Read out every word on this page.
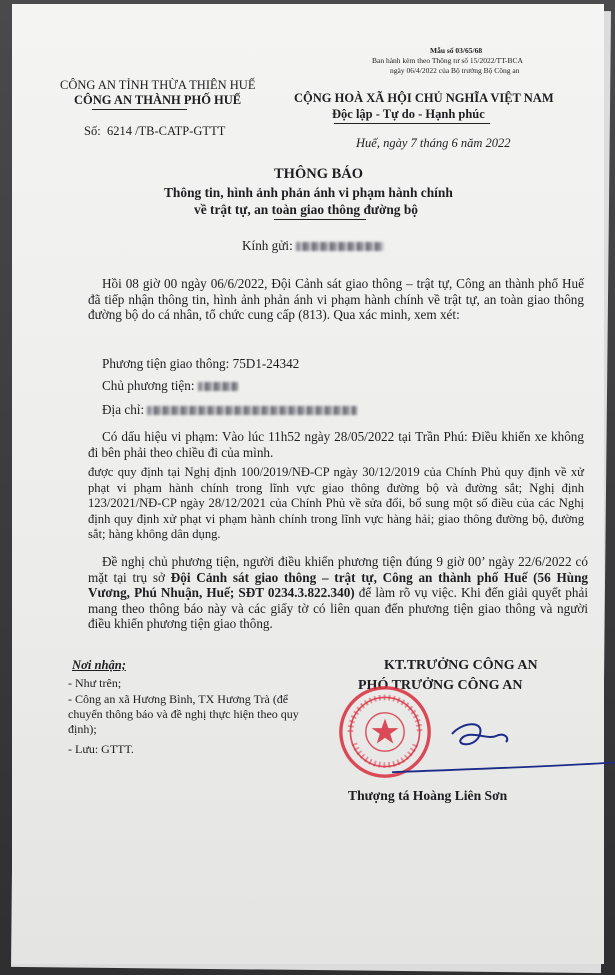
Mẫu số 03/65/68
Ban hành kèm theo Thông tư số 15/2022/TT-BCA
ngày 06/4/2022 của Bộ trưởng Bộ Công an
CÔNG AN TỈNH THỪA THIÊN HUẾ
CÔNG AN THÀNH PHỐ HUẾ	CỘNG HOÀ XÃ HỘI CHỦ NGHĨA VIỆT NAM
Độc lập - Tự do - Hạnh phúc
Số: 6214 /TB-CATP-GTTT
Huế, ngày 7 tháng 6 năm 2022
THÔNG BÁO
Thông tin, hình ảnh phản ánh vi phạm hành chính
về trật tự, an toàn giao thông đường bộ
Kính gửi:
Hồi 08 giờ 00 ngày 06/6/2022, Đội Cảnh sát giao thông – trật tự, Công an thành phố Huế đã tiếp nhận thông tin, hình ảnh phản ánh vi phạm hành chính về trật tự, an toàn giao thông đường bộ do cá nhân, tổ chức cung cấp (813). Qua xác minh, xem xét:
Phương tiện giao thông: 75D1-24342
Chủ phương tiện:
Địa chỉ:
Có dấu hiệu vi phạm: Vào lúc 11h52 ngày 28/05/2022 tại Trần Phú: Điều khiển xe không đi bên phải theo chiều đi của mình.
được quy định tại Nghị định 100/2019/NĐ-CP ngày 30/12/2019 của Chính Phủ quy định về xử phạt vi phạm hành chính trong lĩnh vực giao thông đường bộ và đường sắt; Nghị định 123/2021/NĐ-CP ngày 28/12/2021 của Chính Phủ về sửa đổi, bổ sung một số điều của các Nghị định quy định xử phạt vi phạm hành chính trong lĩnh vực hàng hải; giao thông đường bộ, đường sắt; hàng không dân dụng.
Đề nghị chủ phương tiện, người điều khiển phương tiện đúng 9 giờ 00’ ngày 22/6/2022 có mặt tại trụ sở Đội Cảnh sát giao thông – trật tự, Công an thành phố Huế (56 Hùng Vương, Phú Nhuận, Huế; SĐT 0234.3.822.340) để làm rõ vụ việc. Khi đến giải quyết phải mang theo thông báo này và các giấy tờ có liên quan đến phương tiện giao thông và người điều khiển phương tiện giao thông.
Nơi nhận;
- Như trên;
- Công an xã Hương Bình, TX Hương Trà (để chuyển thông báo và đề nghị thực hiện theo quy định);
- Lưu: GTTT.
KT.TRƯỞNG CÔNG AN
PHÓ TRƯỞNG CÔNG AN
Thượng tá Hoàng Liên Sơn
